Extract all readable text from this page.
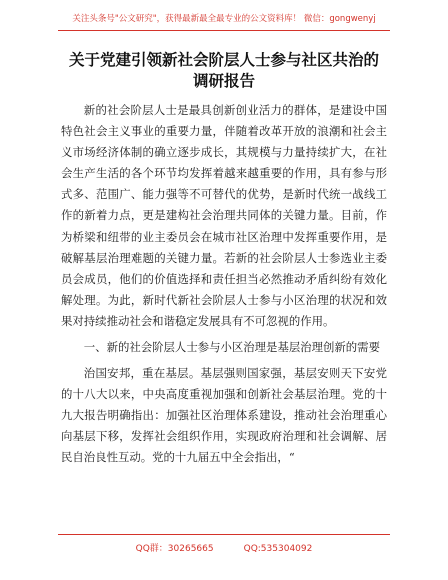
关注头条号"公文研究"，获得最新最全最专业的公文资料库！ 微信：gongwenyj
关于党建引领新社会阶层人士参与社区共治的
调研报告

新的社会阶层人士是最具创新创业活力的群体，是建设中国特色社会主义事业的重要力量，伴随着改革开放的浪潮和社会主义市场经济体制的确立逐步成长，其规模与力量持续扩大，在社会生产生活的各个环节均发挥着越来越重要的作用，具有参与形式多、范围广、能力强等不可替代的优势，是新时代统一战线工作的新着力点，更是建构社会治理共同体的关键力量。目前，作为桥梁和纽带的业主委员会在城市社区治理中发挥重要作用，是破解基层治理难题的关键力量。若新的社会阶层人士参选业主委员会成员，他们的价值选择和责任担当必然推动矛盾纠纷有效化解处理。为此，新时代新社会阶层人士参与小区治理的状况和效果对持续推动社会和谐稳定发展具有不可忽视的作用。

一、新的社会阶层人士参与小区治理是基层治理创新的需要

治国安邦，重在基层。基层强则国家强，基层安则天下安党的十八大以来，中央高度重视加强和创新社会基层治理。党的十九大报告明确指出：加强社区治理体系建设，推动社会治理重心向基层下移，发挥社会组织作用，实现政府治理和社会调解、居民自治良性互动。党的十九届五中全会指出，“

QQ群：30265665	QQ:535304092
